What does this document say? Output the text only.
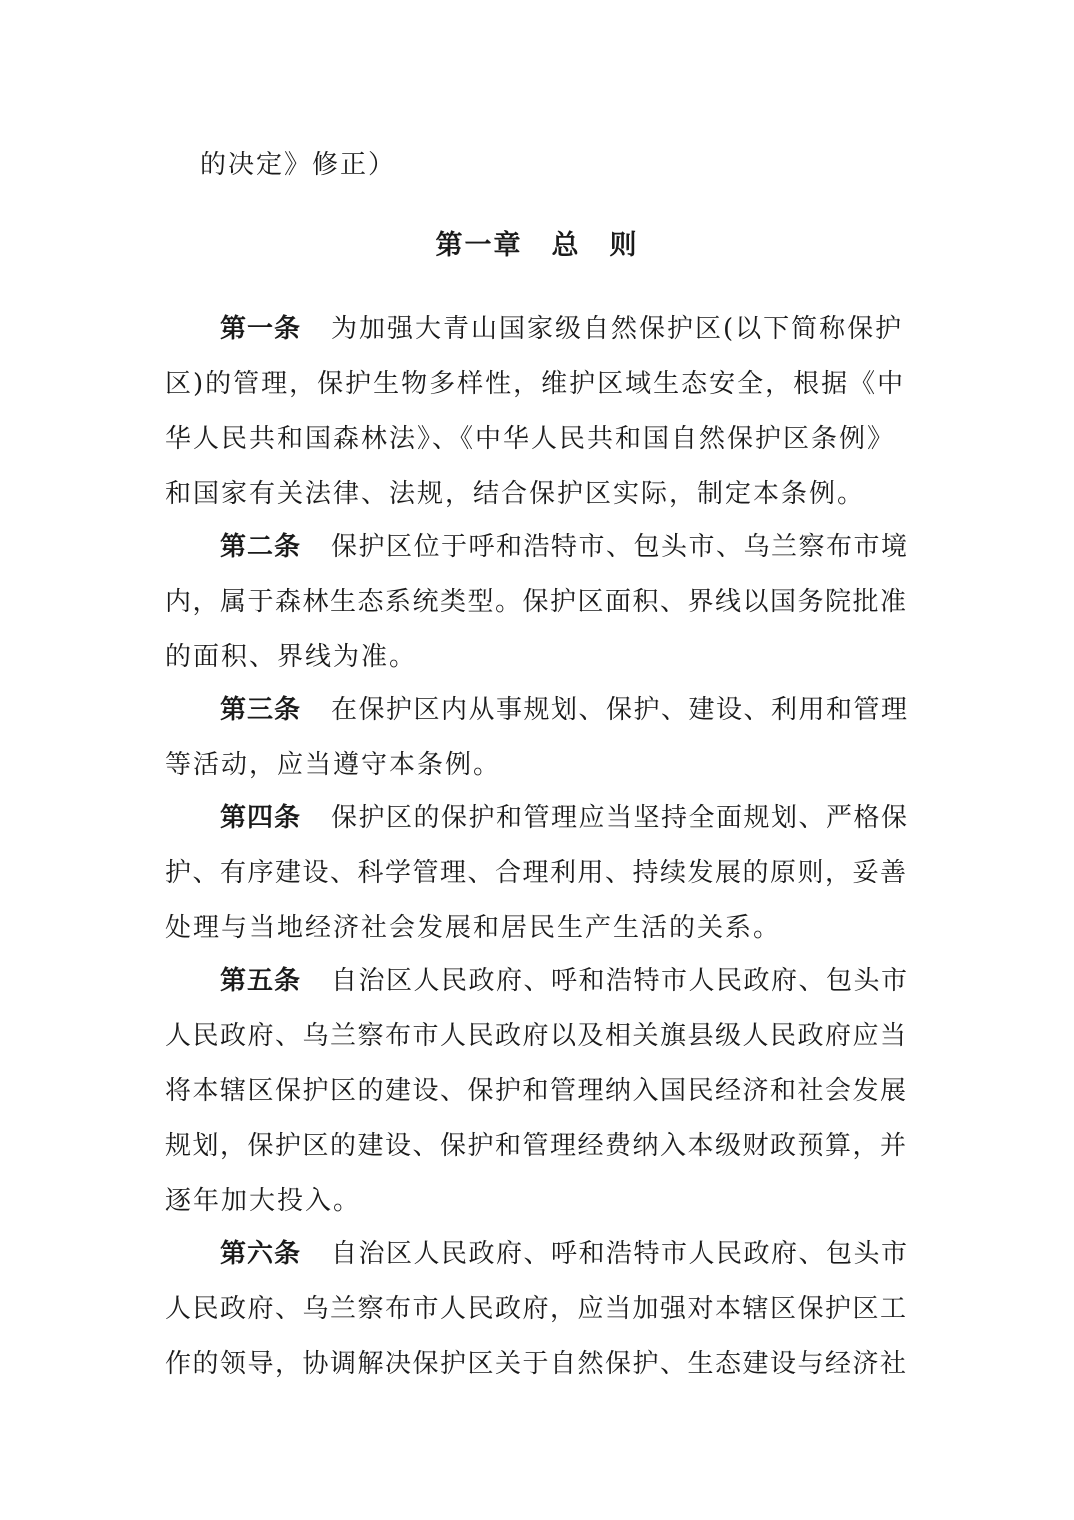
的决定》修正）

第一章　总　则

第一条 为加强大青山国家级自然保护区(以下简称保护

区)的管理，保护生物多样性，维护区域生态安全，根据《中

华人民共和国森林法》、《中华人民共和国自然保护区条例》

和国家有关法律、法规，结合保护区实际，制定本条例。

第二条 保护区位于呼和浩特市、包头市、乌兰察布市境

内，属于森林生态系统类型。保护区面积、界线以国务院批准

的面积、界线为准。

第三条 在保护区内从事规划、保护、建设、利用和管理

等活动，应当遵守本条例。

第四条 保护区的保护和管理应当坚持全面规划、严格保

护、有序建设、科学管理、合理利用、持续发展的原则，妥善

处理与当地经济社会发展和居民生产生活的关系。

第五条 自治区人民政府、呼和浩特市人民政府、包头市

人民政府、乌兰察布市人民政府以及相关旗县级人民政府应当

将本辖区保护区的建设、保护和管理纳入国民经济和社会发展

规划，保护区的建设、保护和管理经费纳入本级财政预算，并

逐年加大投入。

第六条 自治区人民政府、呼和浩特市人民政府、包头市

人民政府、乌兰察布市人民政府，应当加强对本辖区保护区工

作的领导，协调解决保护区关于自然保护、生态建设与经济社
